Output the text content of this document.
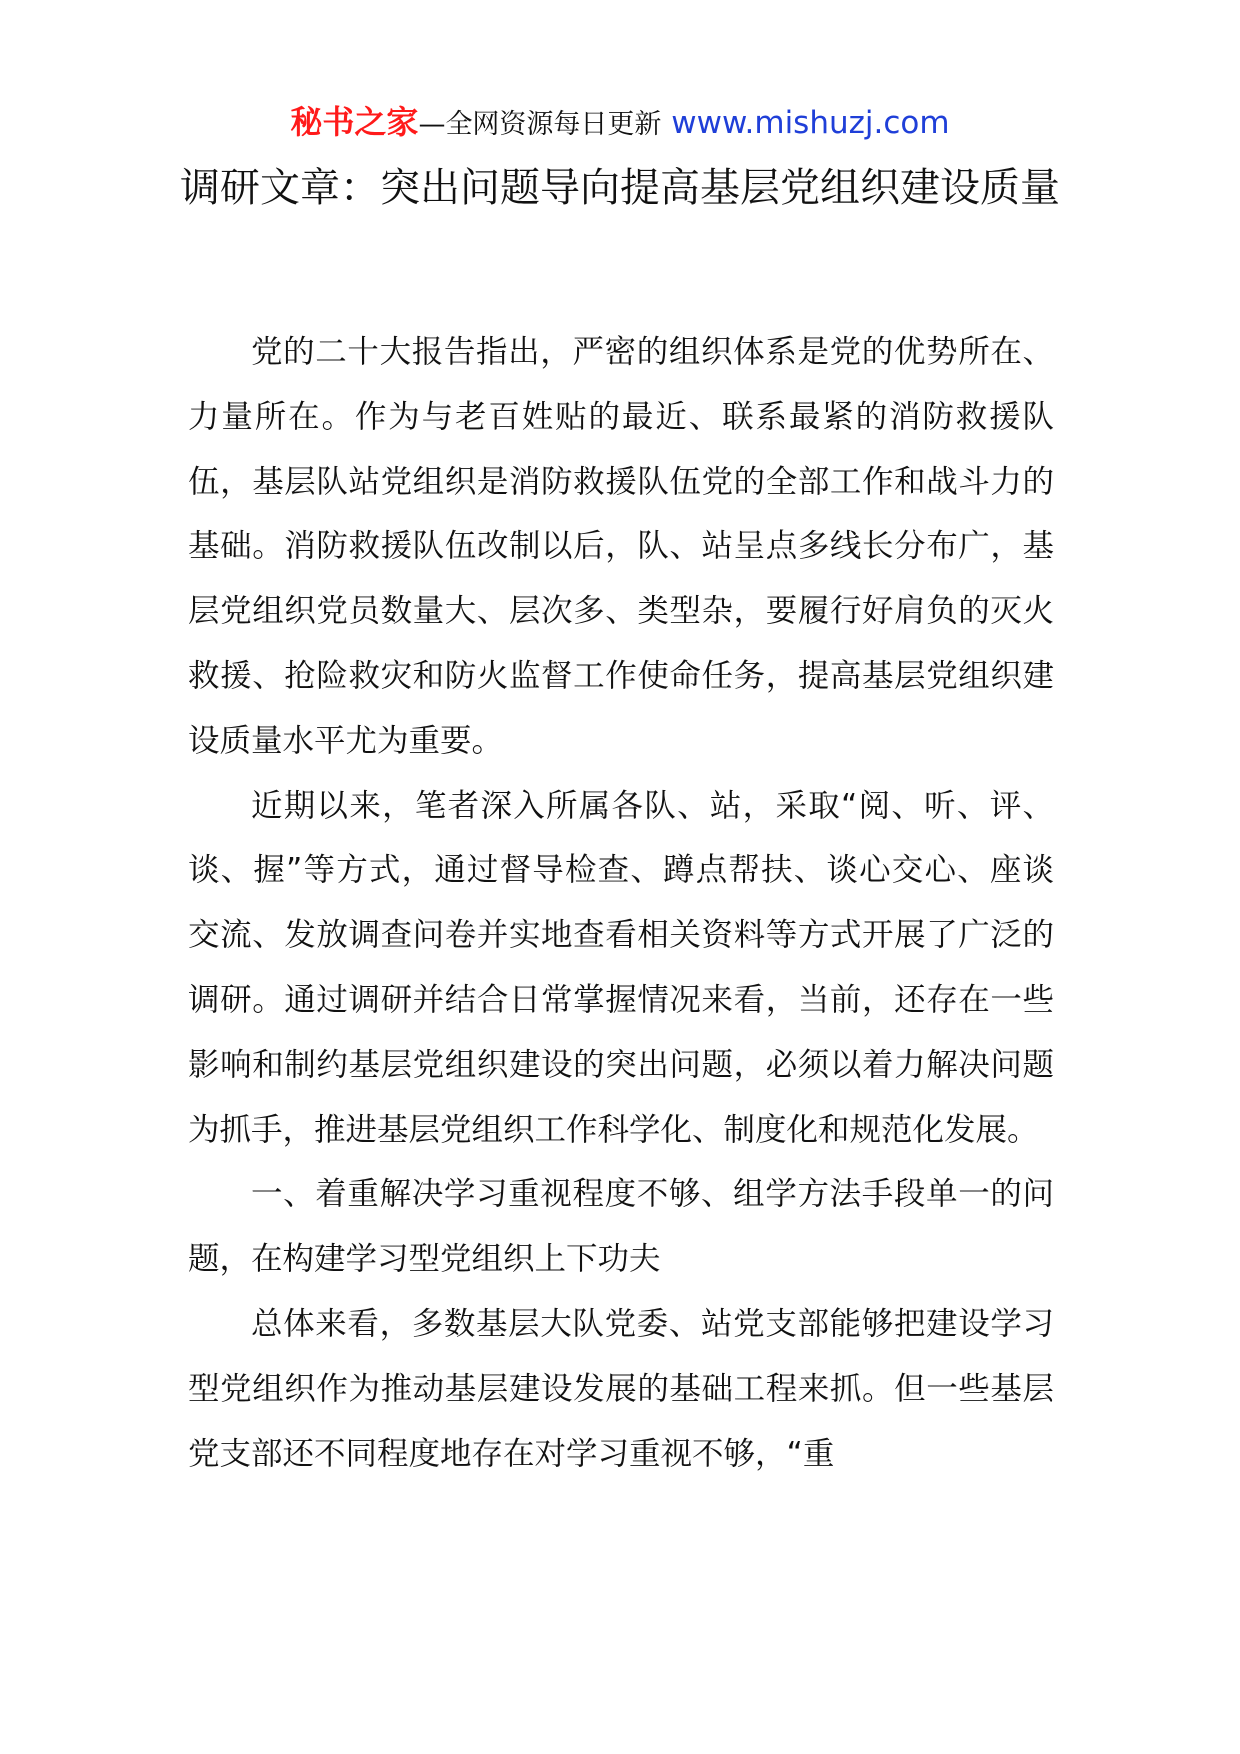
秘书之家—全网资源每日更新 www.mishuzj.com
调研文章：突出问题导向提高基层党组织建设质量

党的二十大报告指出，严密的组织体系是党的优势所在、力量所在。作为与老百姓贴的最近、联系最紧的消防救援队伍，基层队站党组织是消防救援队伍党的全部工作和战斗力的基础。消防救援队伍改制以后，队、站呈点多线长分布广，基层党组织党员数量大、层次多、类型杂，要履行好肩负的灭火救援、抢险救灾和防火监督工作使命任务，提高基层党组织建设质量水平尤为重要。

近期以来，笔者深入所属各队、站，采取“阅、听、评、谈、握”等方式，通过督导检查、蹲点帮扶、谈心交心、座谈交流、发放调查问卷并实地查看相关资料等方式开展了广泛的调研。通过调研并结合日常掌握情况来看，当前，还存在一些影响和制约基层党组织建设的突出问题，必须以着力解决问题为抓手，推进基层党组织工作科学化、制度化和规范化发展。

一、着重解决学习重视程度不够、组学方法手段单一的问题，在构建学习型党组织上下功夫

总体来看，多数基层大队党委、站党支部能够把建设学习型党组织作为推动基层建设发展的基础工程来抓。但一些基层党支部还不同程度地存在对学习重视不够，“重
